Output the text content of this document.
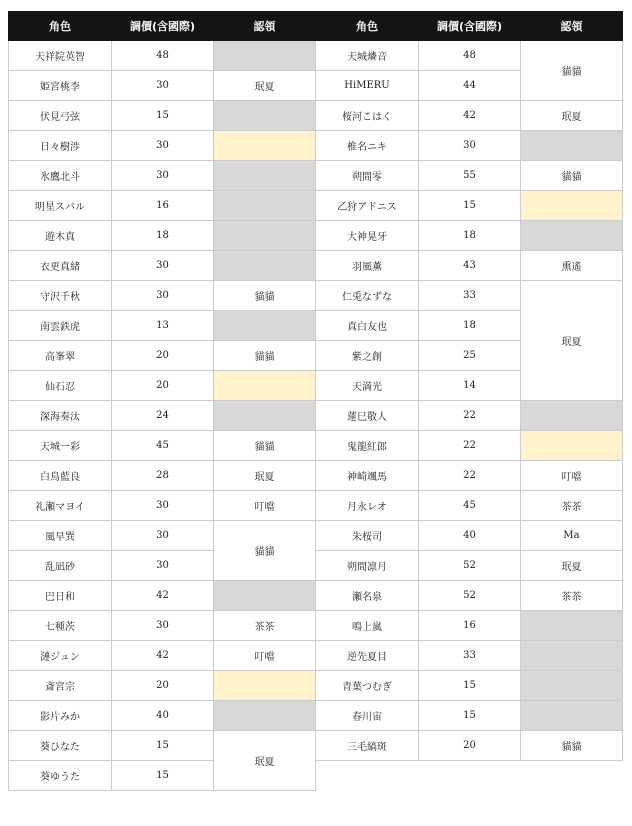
角色	調價(含國際)	認領	角色	調價(含國際)	認領
天祥院英智	48		天城燐音	48	貓貓
姫宮桃李	30	珉夏	HiMERU	44	
伏見弓弦	15		桜河こはく	42	珉夏
日々樹渉	30		椎名ニキ	30	
氷鷹北斗	30		朔間零	55	貓貓
明星スバル	16		乙狩アドニス	15	
遊木真	18		大神晃牙	18	
衣更真緒	30		羽風薫	43	熏遙
守沢千秋	30	貓貓	仁兎なずな	33	珉夏
南雲鉄虎	13		真白友也	18	
高峯翠	20	貓貓	紫之創	25	
仙石忍	20		天満光	14	
深海奏汰	24		蓮巳敬人	22	
天城一彩	45	貓貓	鬼龍紅郎	22	
白鳥藍良	28	珉夏	神崎颯馬	22	叮噹
礼瀬マヨイ	30	叮噹	月永レオ	45	茶茶
風早巽	30	貓貓	朱桜司	40	Ma
乱凪砂	30		朔間凛月	52	珉夏
巴日和	42		瀬名泉	52	茶茶
七種茨	30	茶茶	鳴上嵐	16	
漣ジュン	42	叮噹	逆先夏目	33	
斎宮宗	20		青葉つむぎ	15	
影片みか	40		春川宙	15	
葵ひなた	15	珉夏	三毛縞斑	20	貓貓
葵ゆうた	15				
